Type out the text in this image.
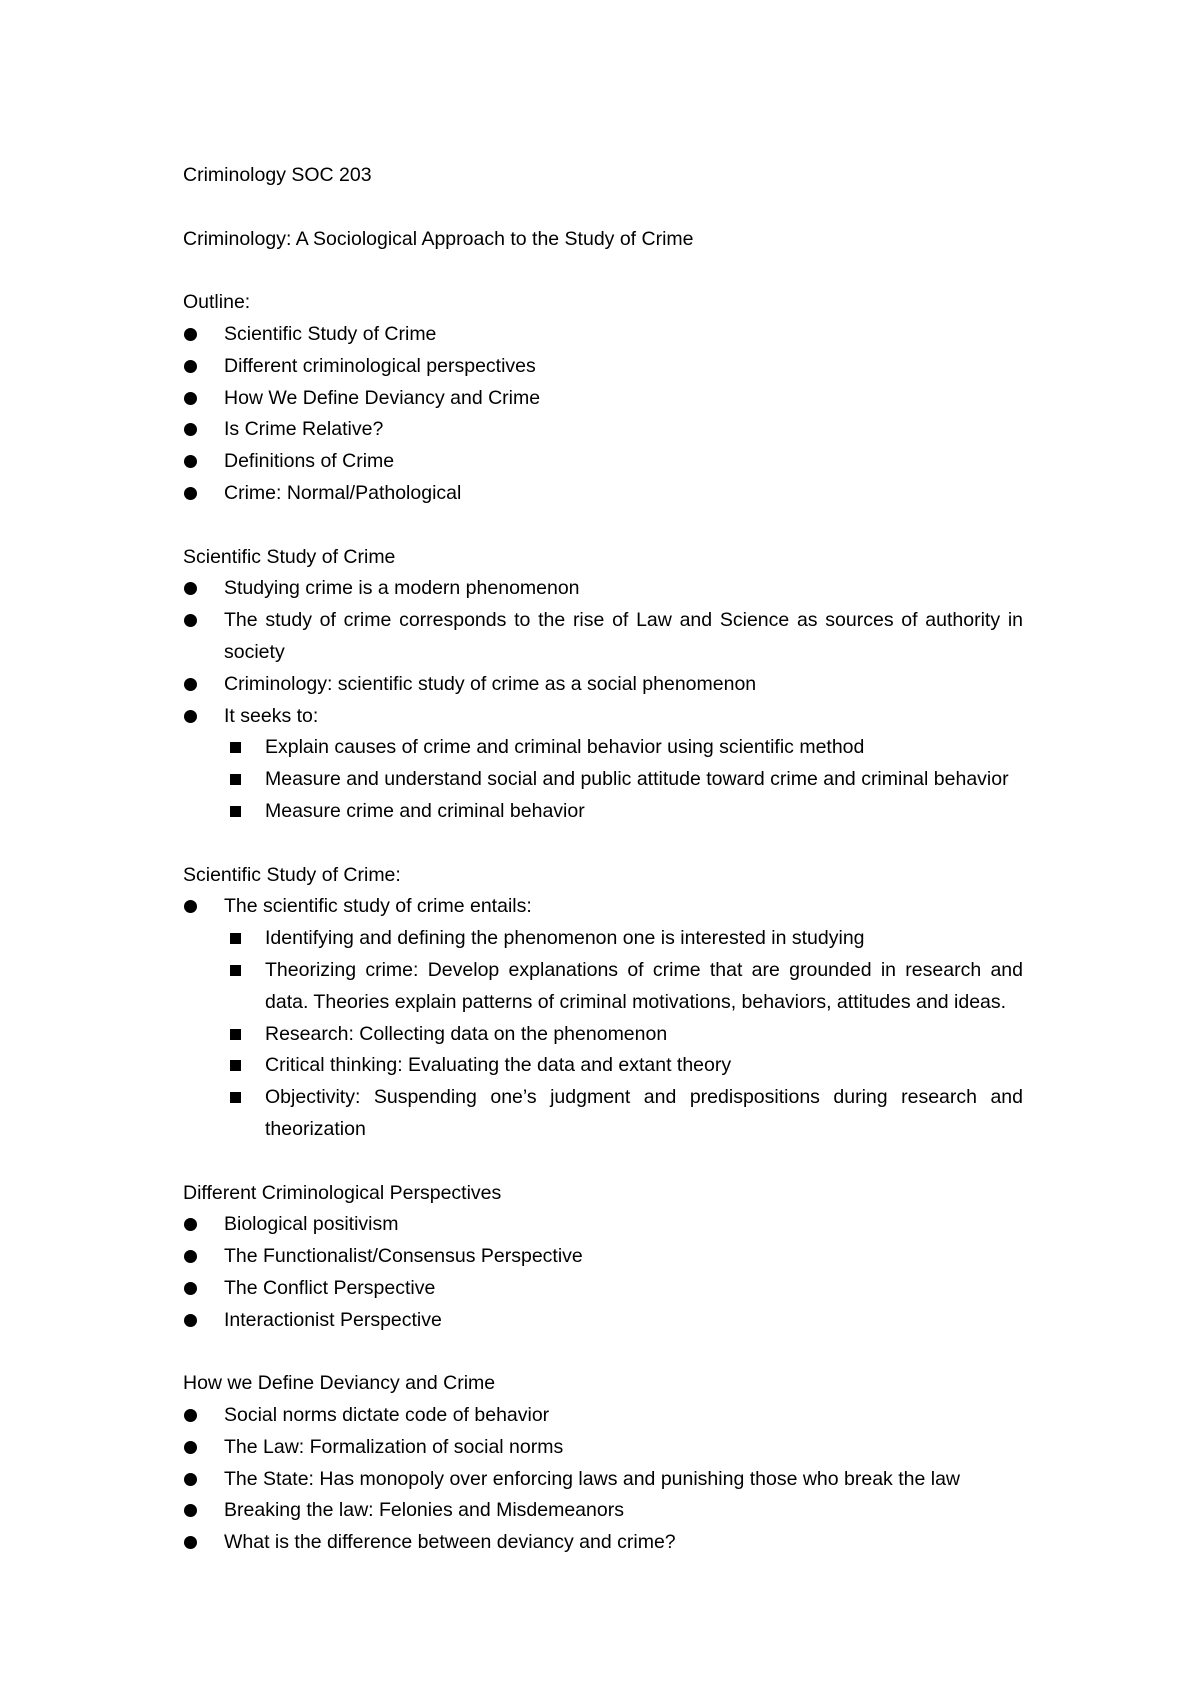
Criminology SOC 203

Criminology: A Sociological Approach to the Study of Crime

Outline:

Scientific Study of Crime
Different criminological perspectives
How We Define Deviancy and Crime
Is Crime Relative?
Definitions of Crime
Crime: Normal/Pathological

Scientific Study of Crime

Studying crime is a modern phenomenon
The study of crime corresponds to the rise of Law and Science as sources of authority in society
Criminology: scientific study of crime as a social phenomenon
It seeks to:
Explain causes of crime and criminal behavior using scientific method
Measure and understand social and public attitude toward crime and criminal behavior
Measure crime and criminal behavior

Scientific Study of Crime:

The scientific study of crime entails:
Identifying and defining the phenomenon one is interested in studying
Theorizing crime: Develop explanations of crime that are grounded in research and data. Theories explain patterns of criminal motivations, behaviors, attitudes and ideas.
Research: Collecting data on the phenomenon
Critical thinking: Evaluating the data and extant theory
Objectivity: Suspending one’s judgment and predispositions during research and theorization

Different Criminological Perspectives

Biological positivism
The Functionalist/Consensus Perspective
The Conflict Perspective
Interactionist Perspective

How we Define Deviancy and Crime

Social norms dictate code of behavior
The Law: Formalization of social norms
The State: Has monopoly over enforcing laws and punishing those who break the law
Breaking the law: Felonies and Misdemeanors
What is the difference between deviancy and crime?
